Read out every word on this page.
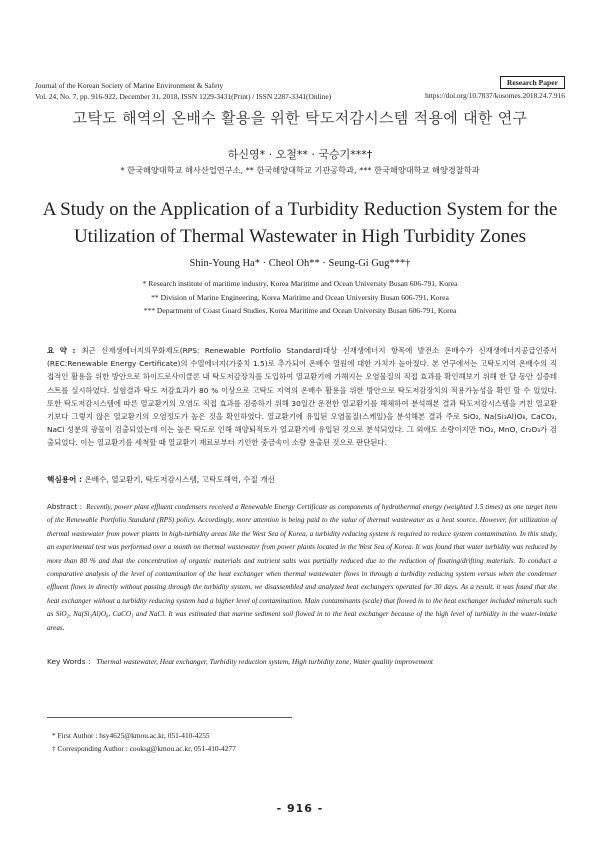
Journal of the Korean Society of Marine Environment & Safety
Vol. 24, No. 7, pp. 916-922, December 31, 2018, ISSN 1229-3431(Print) / ISSN 2287-3341(Online)
Research Paper
https://doi.org/10.7837/kosomes.2018.24.7.916
고탁도 해역의 온배수 활용을 위한 탁도저감시스템 적용에 대한 연구
하신영* · 오철** · 국승기***†
* 한국해양대학교 해사산업연구소, ** 한국해양대학교 기관공학과, *** 한국해양대학교 해양경찰학과
A Study on the Application of a Turbidity Reduction System for the
Utilization of Thermal Wastewater in High Turbidity Zones
Shin-Young Ha* · Cheol Oh** · Seung-Gi Gug***†
* Research institute of maritime industry, Korea Maritime and Ocean University Busan 606-791, Korea
** Division of Marine Engineering, Korea Maritime and Ocean University Busan 606-791, Korea
*** Department of Coast Guard Studies, Korea Maritime and Ocean University Busan 606-791, Korea
요 약 : 최근 신재생에너지의무화제도(RPS: Renewable Portfolio Standard)대상 신재생에너지 항목에 발전소 온배수가 신재생에너지공급인증서(REC:Renewable Energy Certificate)의 수열에너지(가중치 1.5)로 추가되어 온배수 열원에 대한 가치가 높아졌다. 본 연구에서는 고탁도지역 온배수의 직접적인 활용을 위한 방안으로 하이드로사이클론 내 탁도저감장치를 도입하여 열교환기에 가해지는 오염물질의 직접 효과를 확인해보기 위해 한 달 동안 실증테스트를 실시하였다. 실험결과 탁도 저감효과가 80 % 이상으로 고탁도 지역의 온배수 활용을 위한 방안으로 탁도저감장치의 적용가능성을 확인 할 수 있었다. 또한 탁도저감시스템에 따른 열교환기의 오염도 직접 효과를 검증하기 위해 30일간 운전한 열교환기를 해체하여 분석해본 결과 탁도저감시스템을 거친 열교환기보다 그렇지 않은 열교환기의 오염정도가 높은 것을 확인하였다. 열교환기에 유입된 오염물질(스케일)을 분석해본 결과 주로 SiO₂, Na(Si₃Al)O₈, CaCO₃, NaCl 성분의 광물이 검출되었는데 이는 높은 탁도로 인해 해양퇴적토가 열교환기에 유입된 것으로 분석되었다. 그 외에도 소량이지만 TiO₂, MnO, Cr₂O₃가 검출되었다. 이는 열교환기를 세척할 때 열교환기 재료로부터 기인한 중금속이 소량 용출된 것으로 판단된다.
핵심용어 : 온배수, 열교환기, 탁도저감시스템, 고탁도해역, 수질 개선
Abstract : Recently, power plant effluent condensers received a Renewable Energy Certificate as components of hydrothermal energy (weighted 1.5 times) as one target item of the Renewable Portfolio Standard (RPS) policy. Accordingly, more attention is being paid to the value of thermal wastewater as a heat source. However, for utilization of thermal wastewater from power plants in high-turbidity areas like the West Sea of Korea, a turbidity reducing system is required to reduce system contamination. In this study, an experimental test was performed over a month on thermal wastewater from power plants located in the West Sea of Korea. It was found that water turbidity was reduced by more than 80 % and that the concentration of organic materials and nutrient salts was partially reduced due to the reduction of floating/drifting materials. To conduct a comparative analysis of the level of contamination of the heat exchanger when thermal wastewater flows in through a turbidity reducing system versus when the condenser effluent flows in directly without passing through the turbidity system, we disassembled and analyzed heat exchangers operated for 30 days. As a result, it was found that the heat exchanger without a turbidity reducing system had a higher level of contamination. Main contaminants (scale) that flowed in to the heat exchanger included minerals such as SiO₂, Na(Si₃Al)O₈, CaCO₃ and NaCl. It was estimated that marine sediment soil flowed in to the heat exchanger because of the high level of turbidity in the water-intake areas.
Key Words : Thermal wastewater, Heat exchanger, Turbidity reduction system, High turbidity zone, Water quality improvement
* First Author : hsy4625@kmou.ac.kr, 051-410-4255
† Corresponding Author : cooksg@kmou.ac.kr, 051-410-4277
- 916 -
